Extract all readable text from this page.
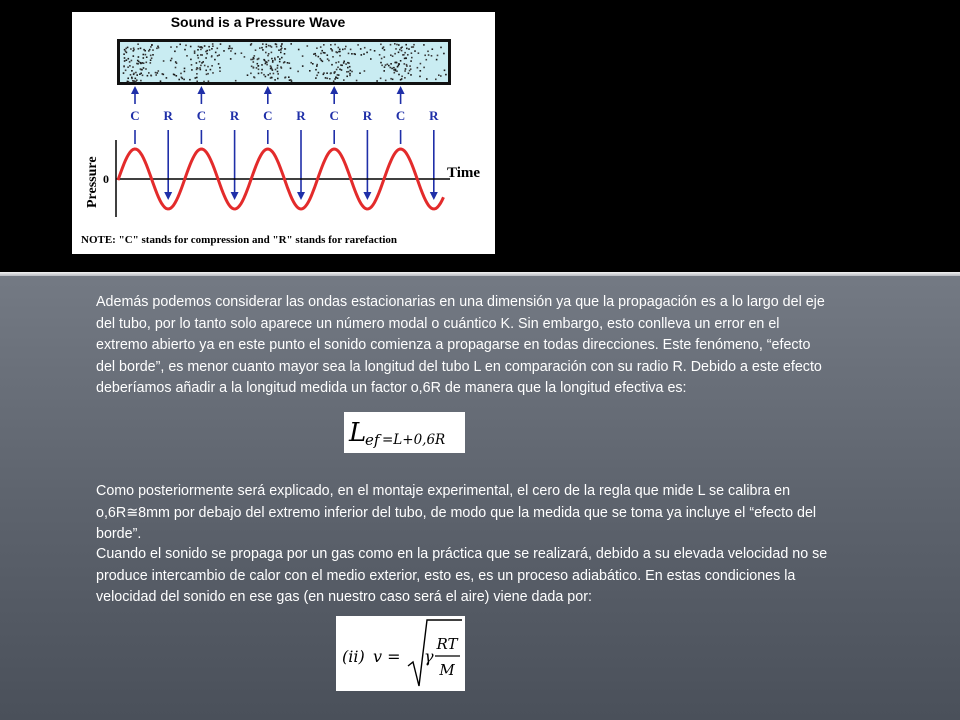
Sound is a Pressure Wave
C R C R C R C R C R
Pressure 0	Time
NOTE: "C" stands for compression and "R" stands for rarefaction

Además podemos considerar las ondas estacionarias en una dimensión ya que la propagación es a lo largo del eje
del tubo, por lo tanto solo aparece un número modal o cuántico K. Sin embargo, esto conlleva un error en el
extremo abierto ya en este punto el sonido comienza a propagarse en todas direcciones. Este fenómeno, “efecto
del borde”, es menor cuanto mayor sea la longitud del tubo L en comparación con su radio R. Debido a este efecto
deberíamos añadir a la longitud medida un factor o,6R de manera que la longitud efectiva es:

L
ef =L+0,6R

Como posteriormente será explicado, en el montaje experimental, el cero de la regla que mide L se calibra en
o,6R≅8mm por debajo del extremo inferior del tubo, de modo que la medida que se toma ya incluye el “efecto del
borde”.

Cuando el sonido se propaga por un gas como en la práctica que se realizará, debido a su elevada velocidad no se
produce intercambio de calor con el medio exterior, esto es, es un proceso adiabático. En estas condiciones la
velocidad del sonido en ese gas (en nuestro caso será el aire) viene dada por:

(ii) v = γ
RT
M
